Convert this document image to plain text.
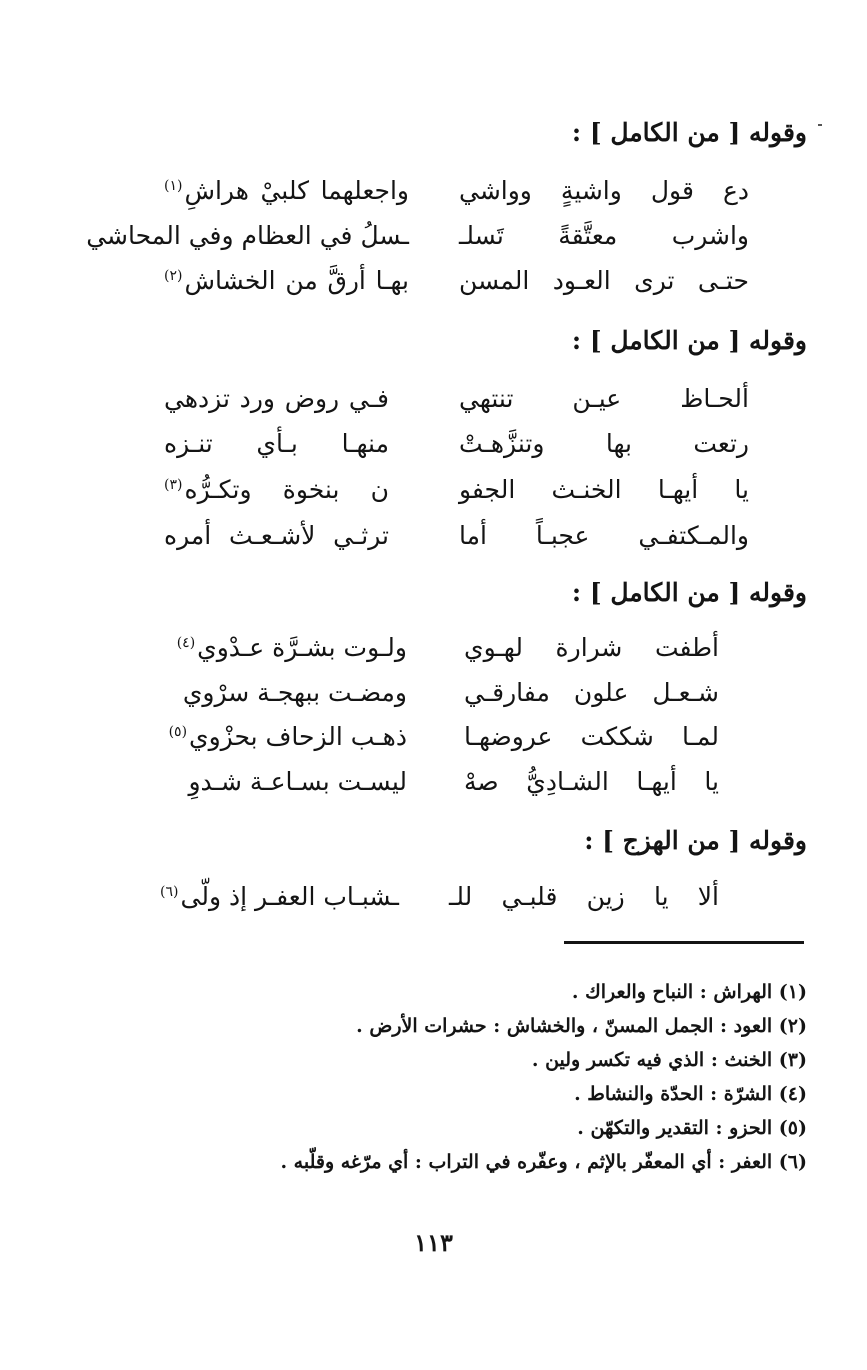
وقوله [ من الكامل ] :
دع قول واشيةٍ وواشي
واجعلهما كلبيْ هراشِ$^{(١)}$
واشرب معتَّقةً تَسلـ
ـسلُ في العظام وفي المحاشي
حتـى ترى العـود المسن
بهـا أرقَّ من الخشاش$^{(٢)}$
وقوله [ من الكامل ] :
ألحـاظ عيـن تنتهي
فـي روض ورد تزدهي
رتعت بها وتنزَّهـتْ
منهـا بـأي تنـزه
يا أيهـا الخنـث الجفو
ن بنخوة وتكـرُّه$^{(٣)}$
والمـكتفـي عجبـاً أما
ترثـي لأشـعـث أمره
وقوله [ من الكامل ] :
أطفت شرارة لهـوي
ولـوت بشـرَّة عـدْوي$^{(٤)}$
شـعـل علون مفارقـي
ومضـت ببهجـة سرْوي
لمـا شككت عروضهـا
ذهـب الزحاف بحزْوي$^{(٥)}$
يا أيهـا الشـادِيُّ صهْ
ليسـت بسـاعـة شـدوِ
وقوله [ من الهزج ] :
ألا يا زين قلبـي للـ
ـشبـاب العفـر إذ ولّى$^{(٦)}$
(١) الهراش : النباح والعراك .
(٢) العود : الجمل المسنّ ، والخشاش : حشرات الأرض .
(٣) الخنث : الذي فيه تكسر ولين .
(٤) الشرّة : الحدّة والنشاط .
(٥) الحزو : التقدير والتكهّن .
(٦) العفر : أي المعفّر بالإثم ، وعفّره في التراب : أي مرّغه وقلّبه .
١١٣
